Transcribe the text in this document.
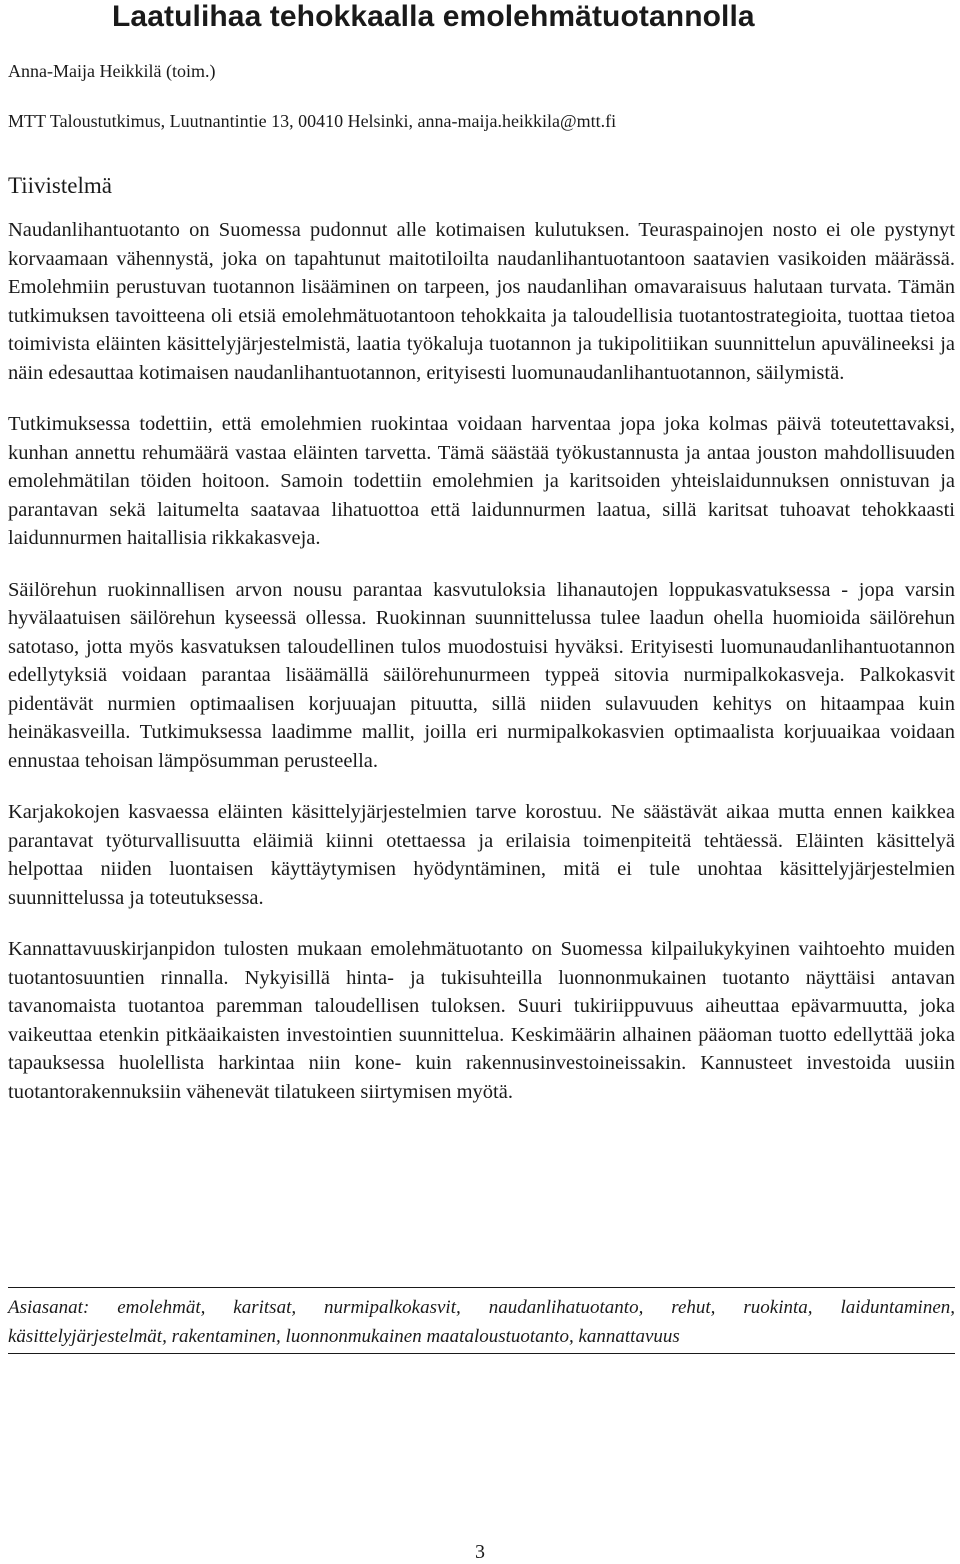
Laatulihaa tehokkaalla emolehmätuotannolla
Anna-Maija Heikkilä (toim.)
MTT Taloustutkimus, Luutnantintie 13, 00410 Helsinki, anna-maija.heikkila@mtt.fi
Tiivistelmä

Naudanlihantuotanto on Suomessa pudonnut alle kotimaisen kulutuksen. Teuraspainojen nosto ei ole pystynyt korvaamaan vähennystä, joka on tapahtunut maitotiloilta naudanlihantuotantoon saatavien vasikoiden määrässä. Emolehmiin perustuvan tuotannon lisääminen on tarpeen, jos naudanlihan omavaraisuus halutaan turvata. Tämän tutkimuksen tavoitteena oli etsiä emolehmätuotantoon tehokkaita ja taloudellisia tuotantostrategioita, tuottaa tietoa toimivista eläinten käsittelyjärjestelmistä, laatia työkaluja tuotannon ja tukipolitiikan suunnittelun apuvälineeksi ja näin edesauttaa kotimaisen naudanlihantuotannon, erityisesti luomunaudanlihantuotannon, säilymistä.

Tutkimuksessa todettiin, että emolehmien ruokintaa voidaan harventaa jopa joka kolmas päivä toteutettavaksi, kunhan annettu rehumäärä vastaa eläinten tarvetta. Tämä säästää työkustannusta ja antaa jouston mahdollisuuden emolehmätilan töiden hoitoon. Samoin todettiin emolehmien ja karitsoiden yhteislaidunnuksen onnistuvan ja parantavan sekä laitumelta saatavaa lihatuottoa että laidunnurmen laatua, sillä karitsat tuhoavat tehokkaasti laidunnurmen haitallisia rikkakasveja.

Säilörehun ruokinnallisen arvon nousu parantaa kasvutuloksia lihanautojen loppukasvatuksessa - jopa varsin hyvälaatuisen säilörehun kyseessä ollessa. Ruokinnan suunnittelussa tulee laadun ohella huomioida säilörehun satotaso, jotta myös kasvatuksen taloudellinen tulos muodostuisi hyväksi. Erityisesti luomunaudanlihantuotannon edellytyksiä voidaan parantaa lisäämällä säilörehunurmeen typpeä sitovia nurmipalkokasveja. Palkokasvit pidentävät nurmien optimaalisen korjuuajan pituutta, sillä niiden sulavuuden kehitys on hitaampaa kuin heinäkasveilla. Tutkimuksessa laadimme mallit, joilla eri nurmipalkokasvien optimaalista korjuuaikaa voidaan ennustaa tehoisan lämpösumman perusteella.

Karjakokojen kasvaessa eläinten käsittelyjärjestelmien tarve korostuu. Ne säästävät aikaa mutta ennen kaikkea parantavat työturvallisuutta eläimiä kiinni otettaessa ja erilaisia toimenpiteitä tehtäessä. Eläinten käsittelyä helpottaa niiden luontaisen käyttäytymisen hyödyntäminen, mitä ei tule unohtaa käsittelyjärjestelmien suunnittelussa ja toteutuksessa.

Kannattavuuskirjanpidon tulosten mukaan emolehmätuotanto on Suomessa kilpailukykyinen vaihtoehto muiden tuotantosuuntien rinnalla. Nykyisillä hinta- ja tukisuhteilla luonnonmukainen tuotanto näyttäisi antavan tavanomaista tuotantoa paremman taloudellisen tuloksen. Suuri tukiriippuvuus aiheuttaa epävarmuutta, joka vaikeuttaa etenkin pitkäaikaisten investointien suunnittelua. Keskimäärin alhainen pääoman tuotto edellyttää joka tapauksessa huolellista harkintaa niin kone- kuin rakennusinvestoineissakin. Kannusteet investoida uusiin tuotantorakennuksiin vähenevät tilatukeen siirtymisen myötä.

Asiasanat: emolehmät, karitsat, nurmipalkokasvit, naudanlihatuotanto, rehut, ruokinta, laiduntaminen, käsittelyjärjestelmät, rakentaminen, luonnonmukainen maataloustuotanto, kannattavuus

3
